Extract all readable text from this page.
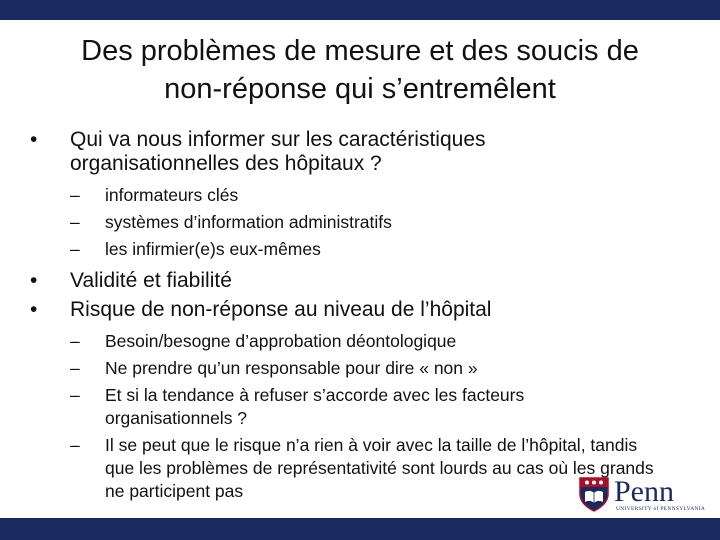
Des problèmes de mesure et des soucis de
non-réponse qui s’entremêlent
• Qui va nous informer sur les caractéristiques
organisationnelles des hôpitaux ?
– informateurs clés
– systèmes d’information administratifs
– les infirmier(e)s eux-mêmes
• Validité et fiabilité
• Risque de non-réponse au niveau de l’hôpital
– Besoin/besogne d’approbation déontologique
– Ne prendre qu’un responsable pour dire « non »
– Et si la tendance à refuser s’accorde avec les facteurs organisationnels ?
– Il se peut que le risque n’a rien à voir avec la taille de l’hôpital, tandis que les problèmes de représentativité sont lourds au cas où les grands ne participent pas	Penn
UNIVERSITY of PENNSYLVANIA
